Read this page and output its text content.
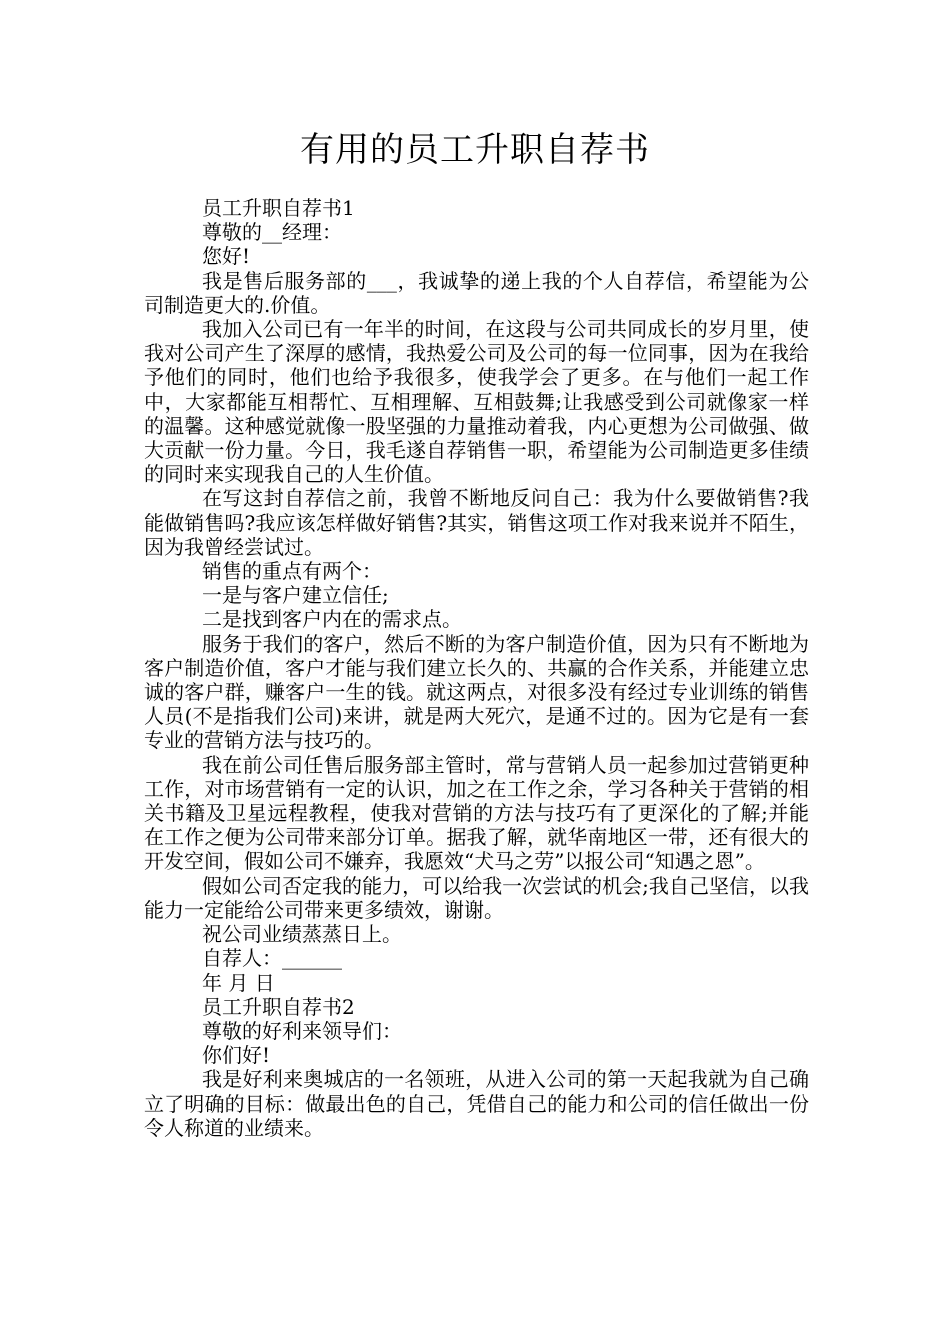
有用的员工升职自荐书

员工升职自荐书1

尊敬的__经理：

您好!

我是售后服务部的___，我诚挚的递上我的个人自荐信，希望能为公司制造更大的.价值。

我加入公司已有一年半的时间，在这段与公司共同成长的岁月里，使我对公司产生了深厚的感情，我热爱公司及公司的每一位同事，因为在我给予他们的同时，他们也给予我很多，使我学会了更多。在与他们一起工作中，大家都能互相帮忙、互相理解、互相鼓舞;让我感受到公司就像家一样的温馨。这种感觉就像一股坚强的力量推动着我，内心更想为公司做强、做大贡献一份力量。今日，我毛遂自荐销售一职，希望能为公司制造更多佳绩的同时来实现我自己的人生价值。

在写这封自荐信之前，我曾不断地反问自己：我为什么要做销售?我能做销售吗?我应该怎样做好销售?其实，销售这项工作对我来说并不陌生，因为我曾经尝试过。

销售的重点有两个：

一是与客户建立信任;

二是找到客户内在的需求点。

服务于我们的客户，然后不断的为客户制造价值，因为只有不断地为客户制造价值，客户才能与我们建立长久的、共赢的合作关系，并能建立忠诚的客户群，赚客户一生的钱。就这两点，对很多没有经过专业训练的销售人员(不是指我们公司)来讲，就是两大死穴，是通不过的。因为它是有一套专业的营销方法与技巧的。

我在前公司任售后服务部主管时，常与营销人员一起参加过营销更种工作，对市场营销有一定的认识，加之在工作之余，学习各种关于营销的相关书籍及卫星远程教程，使我对营销的方法与技巧有了更深化的了解;并能在工作之便为公司带来部分订单。据我了解，就华南地区一带，还有很大的开发空间，假如公司不嫌弃，我愿效“犬马之劳”以报公司“知遇之恩”。

假如公司否定我的能力，可以给我一次尝试的机会;我自己坚信，以我能力一定能给公司带来更多绩效，谢谢。

祝公司业绩蒸蒸日上。

自荐人：______

年 月 日

员工升职自荐书2

尊敬的好利来领导们：

你们好!

我是好利来奥城店的一名领班，从进入公司的第一天起我就为自己确立了明确的目标：做最出色的自己，凭借自己的能力和公司的信任做出一份令人称道的业绩来。
